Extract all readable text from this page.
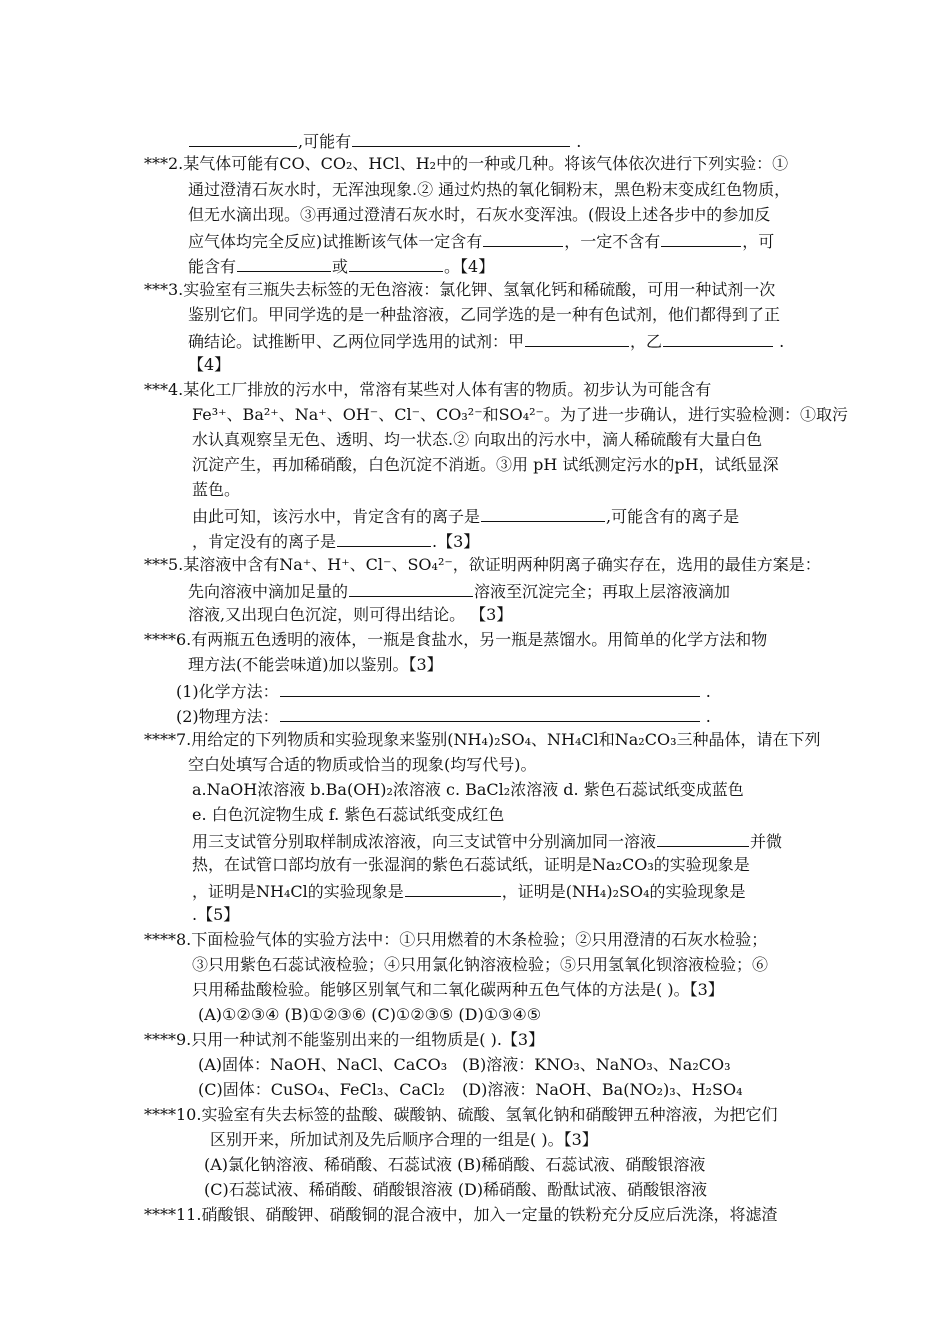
,可能有	.
***2.某气体可能有CO、CO₂、HCl、H₂中的一种或几种。将该气体依次进行下列实验：①
通过澄清石灰水时，无浑浊现象.② 通过灼热的氧化铜粉末，黑色粉末变成红色物质，
但无水滴出现。③再通过澄清石灰水时，石灰水变浑浊。(假设上述各步中的参加反
应气体均完全反应)试推断该气体一定含有	，一定不含有	，可
能含有	或	。【4】
***3.实验室有三瓶失去标签的无色溶液：氯化钾、氢氧化钙和稀硫酸，可用一种试剂一次
鉴别它们。甲同学选的是一种盐溶液，乙同学选的是一种有色试剂，他们都得到了正
确结论。试推断甲、乙两位同学选用的试剂：甲	，乙	.
【4】
***4.某化工厂排放的污水中，常溶有某些对人体有害的物质。初步认为可能含有
Fe³⁺、Ba²⁺、Na⁺、OH⁻、Cl⁻、CO₃²⁻和SO₄²⁻。为了进一步确认，进行实验检测：①取污
水认真观察呈无色、透明、均一状态.② 向取出的污水中，滴人稀硫酸有大量白色
沉淀产生，再加稀硝酸，白色沉淀不消逝。③用 pH 试纸测定污水的pH，试纸显深
蓝色。
由此可知，该污水中，肯定含有的离子是	,可能含有的离子是
，肯定没有的离子是	.【3】
***5.某溶液中含有Na⁺、H⁺、Cl⁻、SO₄²⁻，欲证明两种阴离子确实存在，选用的最佳方案是：
先向溶液中滴加足量的	溶液至沉淀完全；再取上层溶液滴加
溶液,又出现白色沉淀，则可得出结论。 【3】
****6.有两瓶五色透明的液体，一瓶是食盐水，另一瓶是蒸馏水。用简单的化学方法和物
理方法(不能尝味道)加以鉴别。【3】
(1)化学方法：	.
(2)物理方法：	.
****7.用给定的下列物质和实验现象来鉴别(NH₄)₂SO₄、NH₄Cl和Na₂CO₃三种晶体，请在下列
空白处填写合适的物质或恰当的现象(均写代号)。
a.NaOH浓溶液 b.Ba(OH)₂浓溶液 c. BaCl₂浓溶液 d. 紫色石蕊试纸变成蓝色
e. 白色沉淀物生成 f. 紫色石蕊试纸变成红色
用三支试管分别取样制成浓溶液，向三支试管中分别滴加同一溶液	并微
热，在试管口部均放有一张湿润的紫色石蕊试纸，证明是Na₂CO₃的实验现象是
，证明是NH₄Cl的实验现象是	，证明是(NH₄)₂SO₄的实验现象是
.【5】
****8.下面检验气体的实验方法中：①只用燃着的木条检验；②只用澄清的石灰水检验；
③只用紫色石蕊试液检验；④只用氯化钠溶液检验；⑤只用氢氧化钡溶液检验；⑥
只用稀盐酸检验。能够区别氧气和二氧化碳两种五色气体的方法是( )。【3】
(A)①②③④ (B)①②③⑥ (C)①②③⑤ (D)①③④⑤
****9.只用一种试剂不能鉴别出来的一组物质是( ).【3】
(A)固体：NaOH、NaCl、CaCO₃ (B)溶液：KNO₃、NaNO₃、Na₂CO₃
(C)固体：CuSO₄、FeCl₃、CaCl₂ (D)溶液：NaOH、Ba(NO₂)₃、H₂SO₄
****10.实验室有失去标签的盐酸、碳酸钠、硫酸、氢氧化钠和硝酸钾五种溶液，为把它们
区别开来，所加试剂及先后顺序合理的一组是( )。【3】
(A)氯化钠溶液、稀硝酸、石蕊试液 (B)稀硝酸、石蕊试液、硝酸银溶液
(C)石蕊试液、稀硝酸、硝酸银溶液 (D)稀硝酸、酚酞试液、硝酸银溶液
****11.硝酸银、硝酸钾、硝酸铜的混合液中，加入一定量的铁粉充分反应后洗涤，将滤渣
